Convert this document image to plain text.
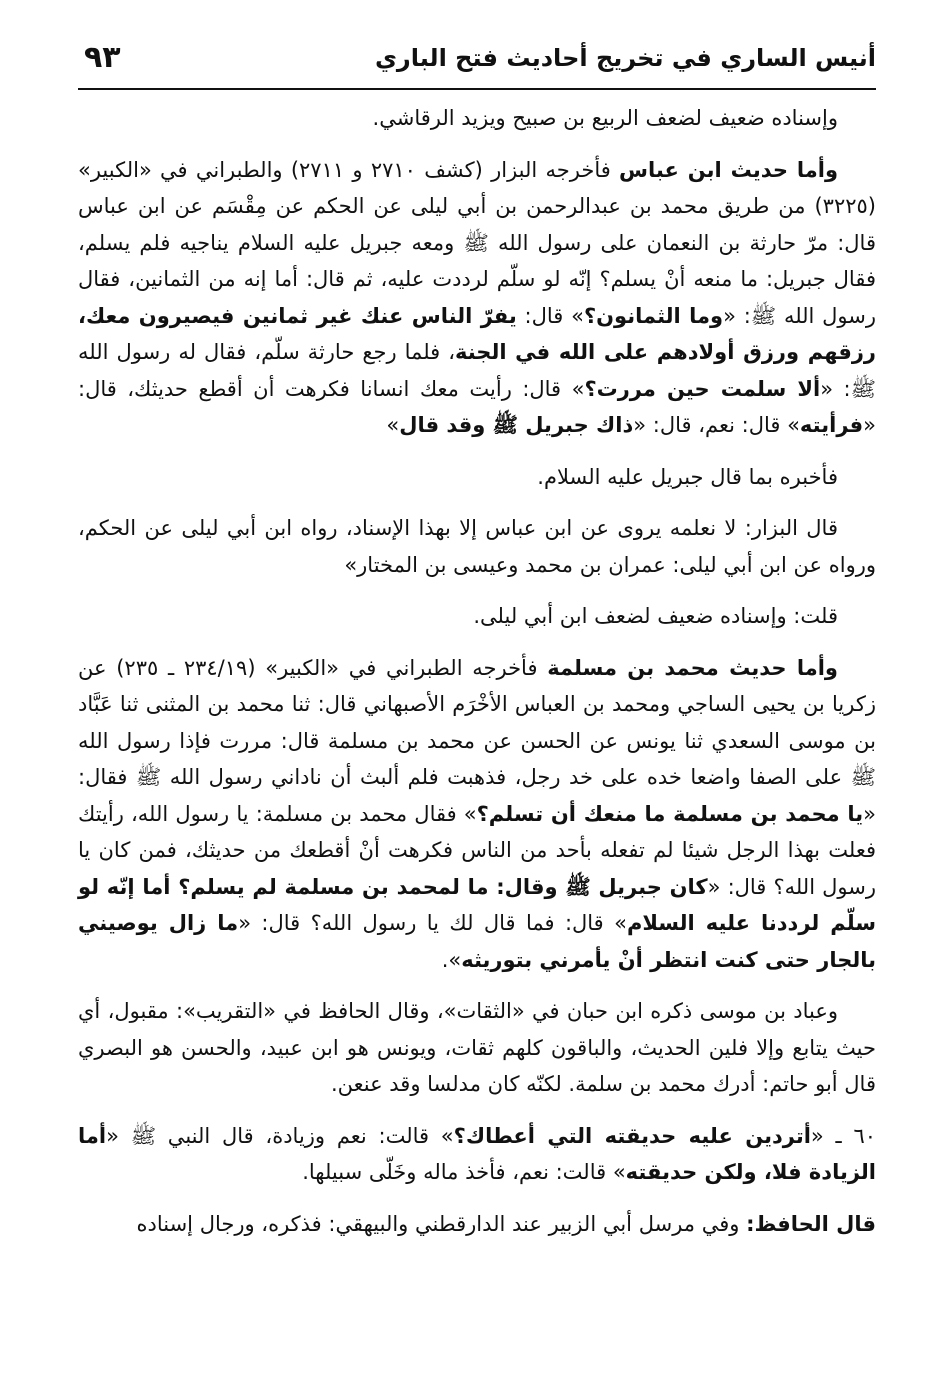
أنيس الساري في تخريج أحاديث فتح الباري
٩٣

وإسناده ضعيف لضعف الربيع بن صبيح ويزيد الرقاشي.

وأما حديث ابن عباس فأخرجه البزار (كشف ٢٧١٠ و ٢٧١١) والطبراني في «الكبير» (٣٢٢٥) من طريق محمد بن عبدالرحمن بن أبي ليلى عن الحكم عن مِقْسَم عن ابن عباس قال: مرّ حارثة بن النعمان على رسول الله ﷺ ومعه جبريل عليه السلام يناجيه فلم يسلم، فقال جبريل: ما منعه أنْ يسلم؟ إنّه لو سلّم لرددت عليه، ثم قال: أما إنه من الثمانين، فقال رسول الله ﷺ: «وما الثمانون؟» قال: يفرّ الناس عنك غير ثمانين فيصيرون معك، رزقهم ورزق أولادهم على الله في الجنة، فلما رجع حارثة سلّم، فقال له رسول الله ﷺ: «ألا سلمت حين مررت؟» قال: رأيت معك انسانا فكرهت أن أقطع حديثك، قال: «فرأيته» قال: نعم، قال: «ذاك جبريل ﷺ وقد قال»

فأخبره بما قال جبريل عليه السلام.

قال البزار: لا نعلمه يروى عن ابن عباس إلا بهذا الإسناد، رواه ابن أبي ليلى عن الحكم، ورواه عن ابن أبي ليلى: عمران بن محمد وعيسى بن المختار»

قلت: وإسناده ضعيف لضعف ابن أبي ليلى.

وأما حديث محمد بن مسلمة فأخرجه الطبراني في «الكبير» (٢٣٤/١٩ ـ ٢٣٥) عن زكريا بن يحيى الساجي ومحمد بن العباس الأخْرَم الأصبهاني قال: ثنا محمد بن المثنى ثنا عَبَّاد بن موسى السعدي ثنا يونس عن الحسن عن محمد بن مسلمة قال: مررت فإذا رسول الله ﷺ على الصفا واضعا خده على خد رجل، فذهبت فلم ألبث أن ناداني رسول الله ﷺ فقال: «يا محمد بن مسلمة ما منعك أن تسلم؟» فقال محمد بن مسلمة: يا رسول الله، رأيتك فعلت بهذا الرجل شيئا لم تفعله بأحد من الناس فكرهت أنْ أقطعك من حديثك، فمن كان يا رسول الله؟ قال: «كان جبريل ﷺ وقال: ما لمحمد بن مسلمة لم يسلم؟ أما إنّه لو سلّم لرددنا عليه السلام» قال: فما قال لك يا رسول الله؟ قال: «ما زال يوصيني بالجار حتى كنت انتظر أنْ يأمرني بتوريثه».

وعباد بن موسى ذكره ابن حبان في «الثقات»، وقال الحافظ في «التقريب»: مقبول، أي حيث يتابع وإلا فلين الحديث، والباقون كلهم ثقات، ويونس هو ابن عبيد، والحسن هو البصري قال أبو حاتم: أدرك محمد بن سلمة. لكنّه كان مدلسا وقد عنعن.

٦٠ ـ «أتردين عليه حديقته التي أعطاك؟» قالت: نعم وزيادة، قال النبي ﷺ «أما الزيادة فلا، ولكن حديقته» قالت: نعم، فأخذ ماله وخَلّى سبيلها.

قال الحافظ: وفي مرسل أبي الزبير عند الدارقطني والبيهقي: فذكره، ورجال إسناده
